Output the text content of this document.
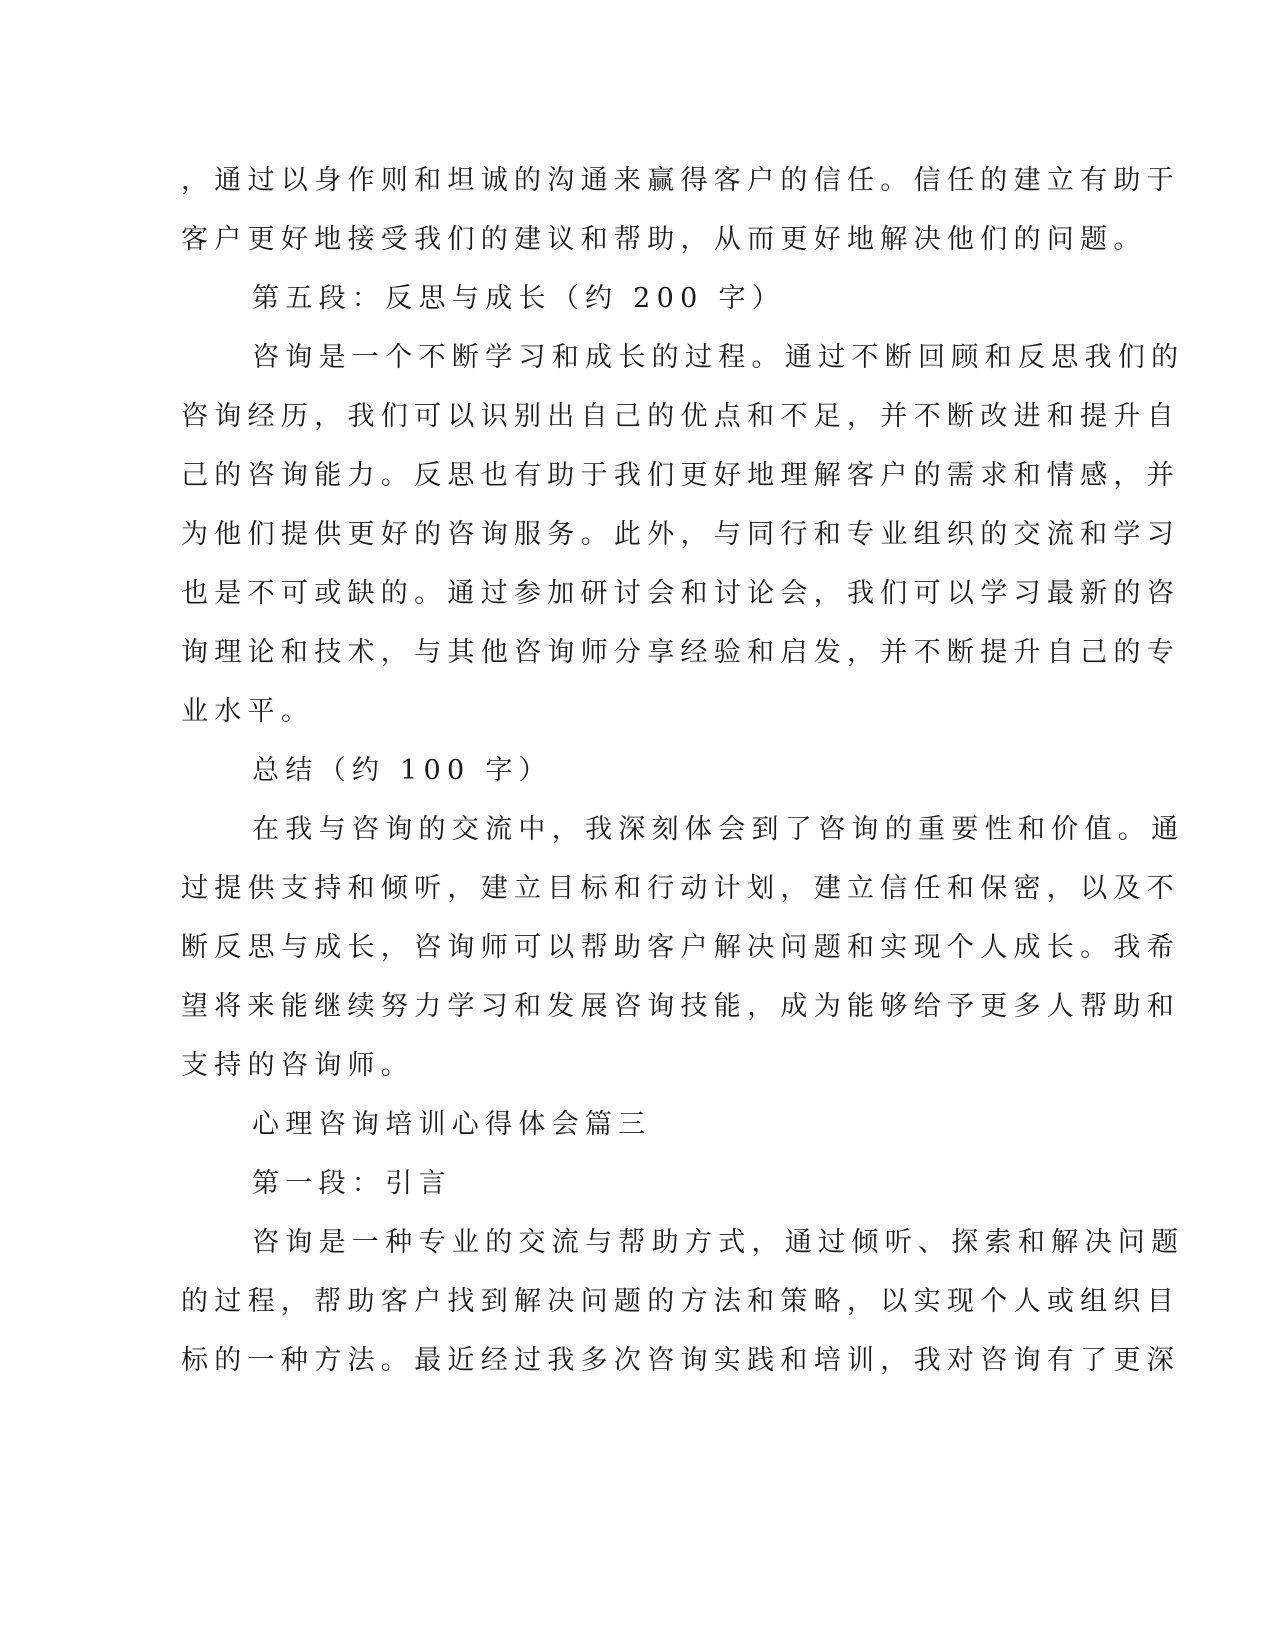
，通过以身作则和坦诚的沟通来赢得客户的信任。信任的建立有助于
客户更好地接受我们的建议和帮助，从而更好地解决他们的问题。
第五段：反思与成长（约 200 字）
咨询是一个不断学习和成长的过程。通过不断回顾和反思我们的
咨询经历，我们可以识别出自己的优点和不足，并不断改进和提升自
己的咨询能力。反思也有助于我们更好地理解客户的需求和情感，并
为他们提供更好的咨询服务。此外，与同行和专业组织的交流和学习
也是不可或缺的。通过参加研讨会和讨论会，我们可以学习最新的咨
询理论和技术，与其他咨询师分享经验和启发，并不断提升自己的专
业水平。
总结（约 100 字）
在我与咨询的交流中，我深刻体会到了咨询的重要性和价值。通
过提供支持和倾听，建立目标和行动计划，建立信任和保密，以及不
断反思与成长，咨询师可以帮助客户解决问题和实现个人成长。我希
望将来能继续努力学习和发展咨询技能，成为能够给予更多人帮助和
支持的咨询师。
心理咨询培训心得体会篇三
第一段：引言
咨询是一种专业的交流与帮助方式，通过倾听、探索和解决问题
的过程，帮助客户找到解决问题的方法和策略，以实现个人或组织目
标的一种方法。最近经过我多次咨询实践和培训，我对咨询有了更深
